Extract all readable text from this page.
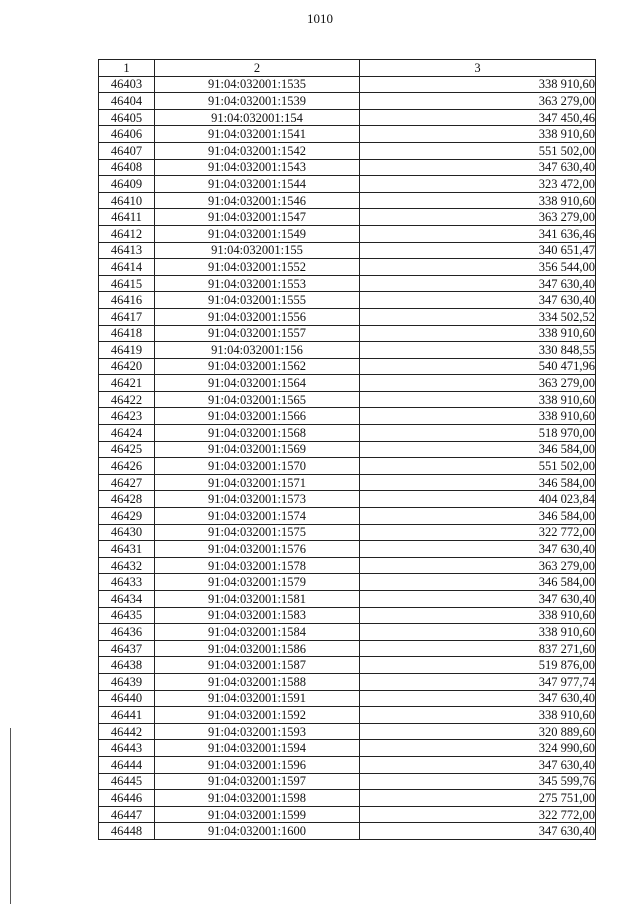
1010
1	2	3
46403	91:04:032001:1535	338 910,60
46404	91:04:032001:1539	363 279,00
46405	91:04:032001:154	347 450,46
46406	91:04:032001:1541	338 910,60
46407	91:04:032001:1542	551 502,00
46408	91:04:032001:1543	347 630,40
46409	91:04:032001:1544	323 472,00
46410	91:04:032001:1546	338 910,60
46411	91:04:032001:1547	363 279,00
46412	91:04:032001:1549	341 636,46
46413	91:04:032001:155	340 651,47
46414	91:04:032001:1552	356 544,00
46415	91:04:032001:1553	347 630,40
46416	91:04:032001:1555	347 630,40
46417	91:04:032001:1556	334 502,52
46418	91:04:032001:1557	338 910,60
46419	91:04:032001:156	330 848,55
46420	91:04:032001:1562	540 471,96
46421	91:04:032001:1564	363 279,00
46422	91:04:032001:1565	338 910,60
46423	91:04:032001:1566	338 910,60
46424	91:04:032001:1568	518 970,00
46425	91:04:032001:1569	346 584,00
46426	91:04:032001:1570	551 502,00
46427	91:04:032001:1571	346 584,00
46428	91:04:032001:1573	404 023,84
46429	91:04:032001:1574	346 584,00
46430	91:04:032001:1575	322 772,00
46431	91:04:032001:1576	347 630,40
46432	91:04:032001:1578	363 279,00
46433	91:04:032001:1579	346 584,00
46434	91:04:032001:1581	347 630,40
46435	91:04:032001:1583	338 910,60
46436	91:04:032001:1584	338 910,60
46437	91:04:032001:1586	837 271,60
46438	91:04:032001:1587	519 876,00
46439	91:04:032001:1588	347 977,74
46440	91:04:032001:1591	347 630,40
46441	91:04:032001:1592	338 910,60
46442	91:04:032001:1593	320 889,60
46443	91:04:032001:1594	324 990,60
46444	91:04:032001:1596	347 630,40
46445	91:04:032001:1597	345 599,76
46446	91:04:032001:1598	275 751,00
46447	91:04:032001:1599	322 772,00
46448	91:04:032001:1600	347 630,40
